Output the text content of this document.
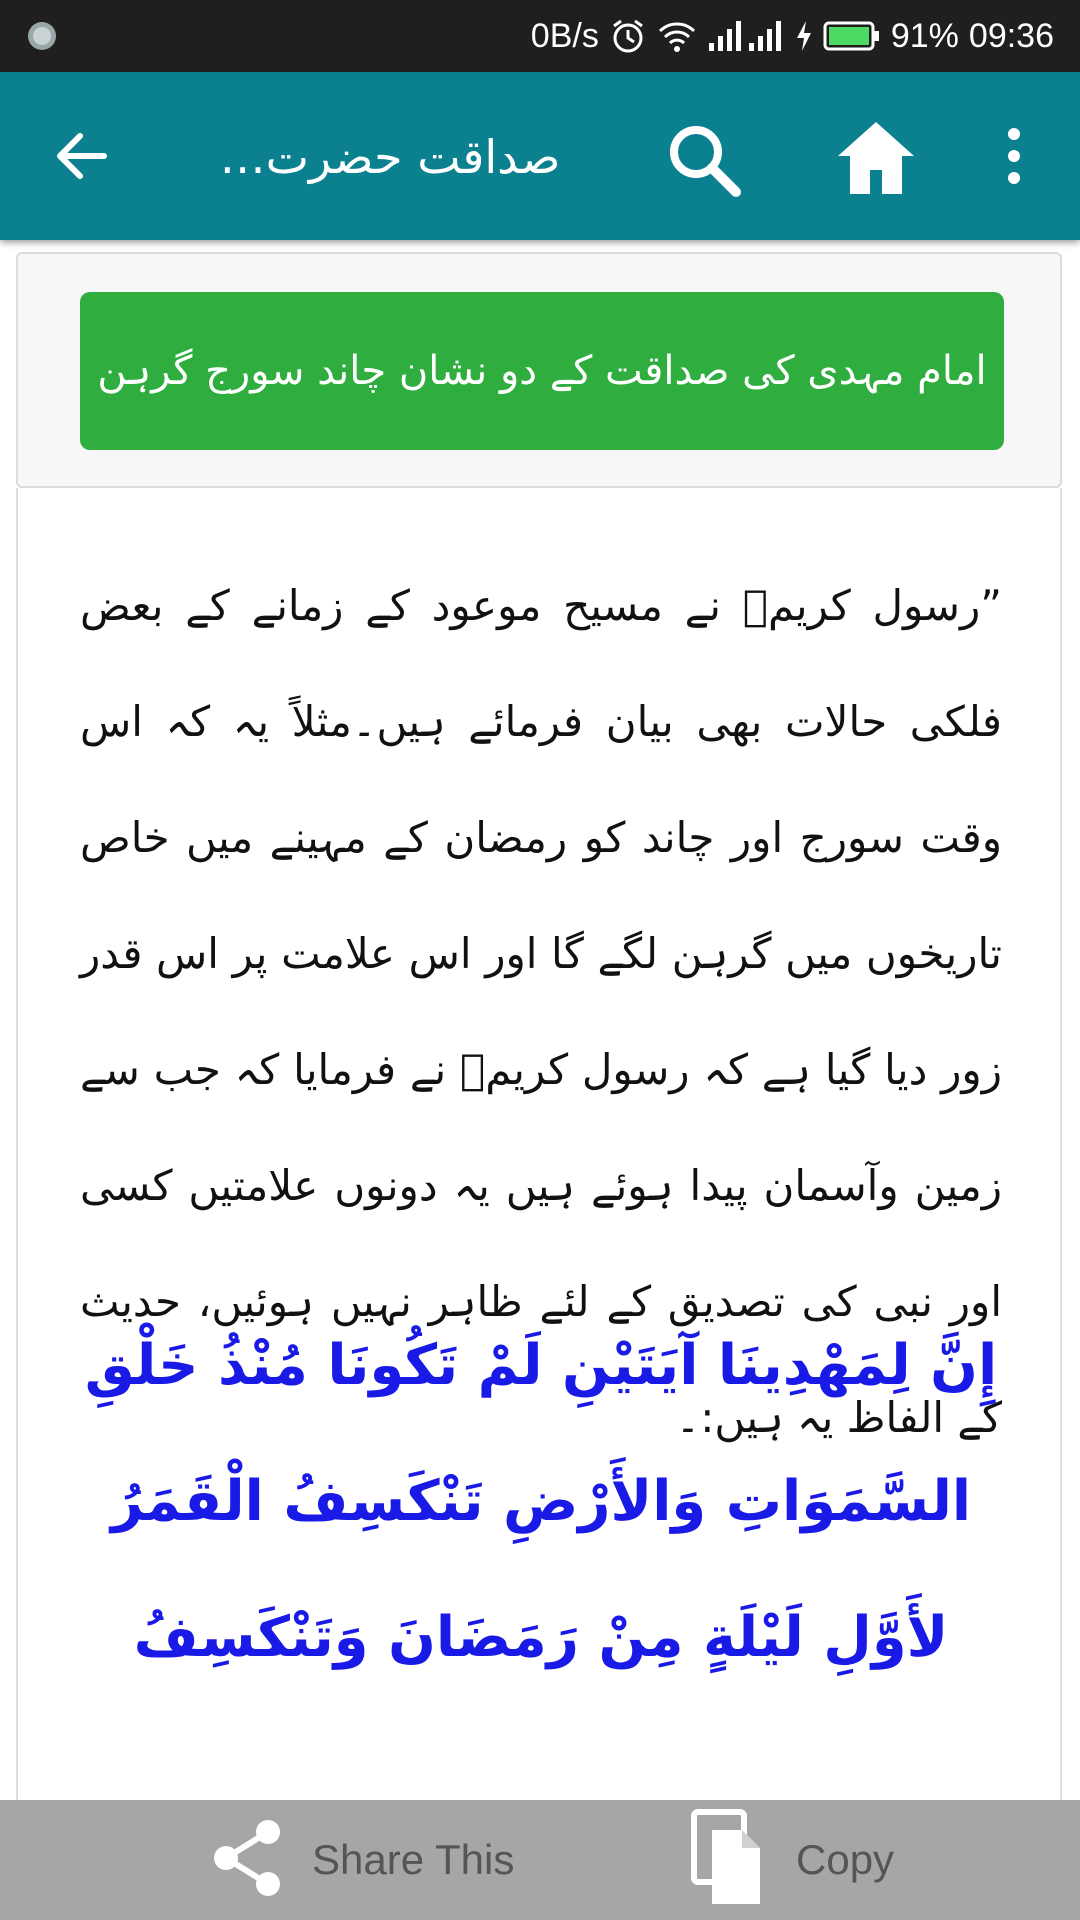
0B/s	91% 09:36
صداقت حضرت…
امام مہدی کی صداقت کے دو نشان چاند سورج گرہن

”رسول کریمؐ نے مسیح موعود کے زمانے کے بعض فلکی حالات بھی بیان فرمائے ہیں۔مثلاً یہ کہ اس وقت سورج اور چاند کو رمضان کے مہینے میں خاص تاریخوں میں گرہن لگے گا اور اس علامت پر اس قدر زور دیا گیا ہے کہ رسول کریمؐ نے فرمایا کہ جب سے زمین وآسمان پیدا ہوئے ہیں یہ دونوں علامتیں کسی اور نبی کی تصدیق کے لئے ظاہر نہیں ہوئیں، حدیث کے الفاظ یہ ہیں:۔

إِنَّ لِمَهْدِينَا آيَتَيْنِ لَمْ تَكُونَا مُنْذُ خَلْقِ السَّمَوَاتِ وَالأَرْضِ تَنْكَسِفُ الْقَمَرُ لأَوَّلِ لَيْلَةٍ مِنْ رَمَضَانَ وَتَنْكَسِفُ

Share This	Copy
